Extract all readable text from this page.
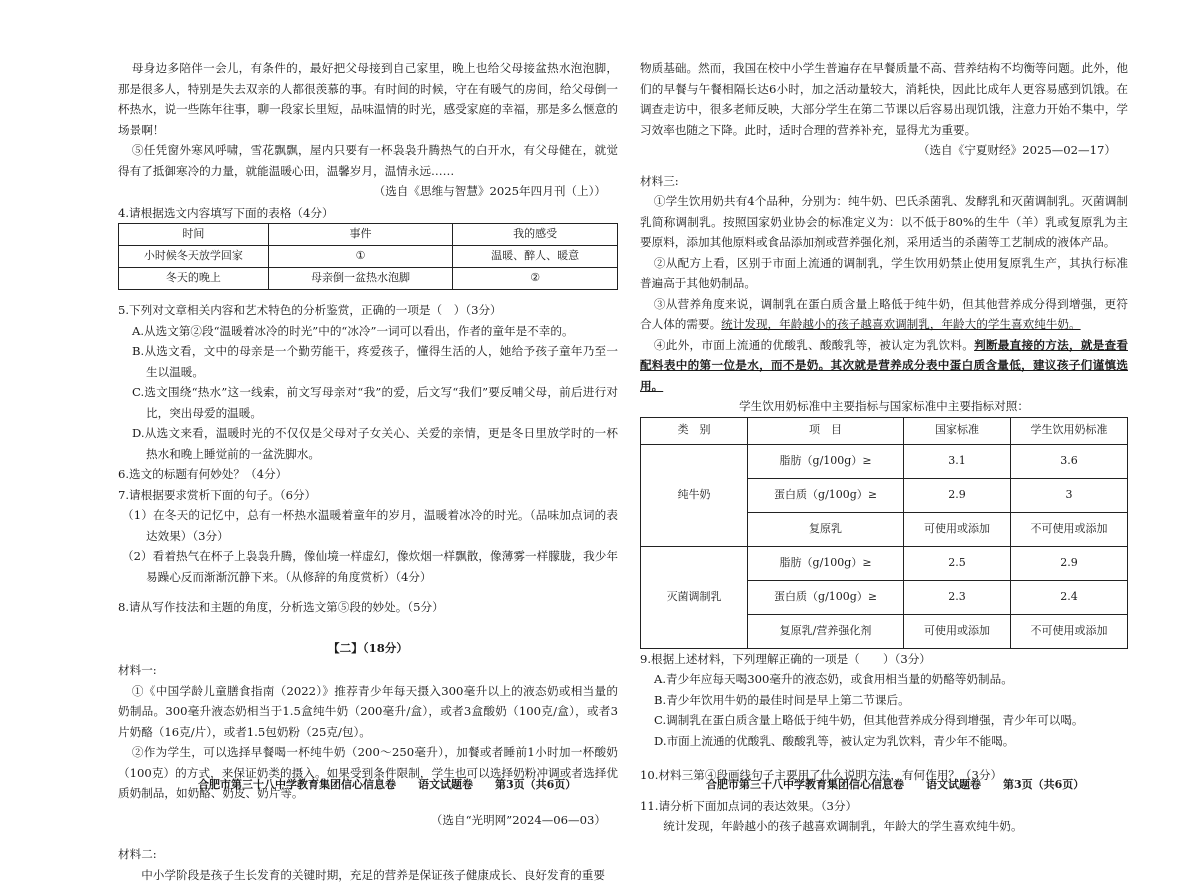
母身边多陪伴一会儿，有条件的，最好把父母接到自己家里，晚上也给父母接盆热水泡泡脚，那是很多人，特别是失去双亲的人都很羡慕的事。有时间的时候，守在有暖气的房间，给父母倒一杯热水，说一些陈年往事，聊一段家长里短，品味温情的时光，感受家庭的幸福，那是多么惬意的场景啊！

⑤任凭窗外寒风呼啸，雪花飘飘，屋内只要有一杯袅袅升腾热气的白开水，有父母健在，就觉得有了抵御寒冷的力量，就能温暖心田，温馨岁月，温情永远……

（选自《思维与智慧》2025年四月刊（上））

4.请根据选文内容填写下面的表格（4分）

时间	事件	我的感受
小时候冬天放学回家	①	温暖、醉人、暖意
冬天的晚上	母亲倒一盆热水泡脚	②

5.下列对文章相关内容和艺术特色的分析鉴赏，正确的一项是（　）（3分）

A.从选文第②段“温暖着冰冷的时光”中的“冰冷”一词可以看出，作者的童年是不幸的。

B.从选文看，文中的母亲是一个勤劳能干，疼爱孩子，懂得生活的人，她给予孩子童年乃至一生以温暖。

C.选文围绕“热水”这一线索，前文写母亲对“我”的爱，后文写“我们”要反哺父母，前后进行对比，突出母爱的温暖。

D.从选文来看，温暖时光的不仅仅是父母对子女关心、关爱的亲情，更是冬日里放学时的一杯热水和晚上睡觉前的一盆洗脚水。

6.选文的标题有何妙处？（4分）

7.请根据要求赏析下面的句子。（6分）

（1）在冬天的记忆中，总有一杯热水温暖着童年的岁月，温暖着冰冷的时光。（品味加点词的表达效果）（3分）

（2）看着热气在杯子上袅袅升腾，像仙境一样虚幻，像炊烟一样飘散，像薄雾一样朦胧，我少年易躁心反而渐渐沉静下来。（从修辞的角度赏析）（4分）

8.请从写作技法和主题的角度，分析选文第⑤段的妙处。（5分）

【二】（18分）

材料一:

①《中国学龄儿童膳食指南（2022）》推荐青少年每天摄入300毫升以上的液态奶或相当量的奶制品。300毫升液态奶相当于1.5盒纯牛奶（200毫升/盒），或者3盒酸奶（100克/盒），或者3片奶酪（16克/片），或者1.5包奶粉（25克/包）。

②作为学生，可以选择早餐喝一杯纯牛奶（200～250毫升），加餐或者睡前1小时加一杯酸奶（100克）的方式，来保证奶类的摄入。如果受到条件限制，学生也可以选择奶粉冲调或者选择优质奶制品，如奶酪、奶皮、奶片等。

（选自“光明网”2024—06—03）

材料二:

中小学阶段是孩子生长发育的关键时期，充足的营养是保证孩子健康成长、良好发育的重要

物质基础。然而，我国在校中小学生普遍存在早餐质量不高、营养结构不均衡等问题。此外，他们的早餐与午餐相隔长达6小时，加之活动量较大，消耗快，因此比成年人更容易感到饥饿。在调查走访中，很多老师反映，大部分学生在第二节课以后容易出现饥饿，注意力开始不集中，学习效率也随之下降。此时，适时合理的营养补充，显得尤为重要。

（选自《宁夏财经》2025—02—17）

材料三:

①学生饮用奶共有4个品种，分别为：纯牛奶、巴氏杀菌乳、发酵乳和灭菌调制乳。灭菌调制乳简称调制乳。按照国家奶业协会的标准定义为：以不低于80%的生牛（羊）乳或复原乳为主要原料，添加其他原料或食品添加剂或营养强化剂，采用适当的杀菌等工艺制成的液体产品。

②从配方上看，区别于市面上流通的调制乳，学生饮用奶禁止使用复原乳生产，其执行标准普遍高于其他奶制品。

③从营养角度来说，调制乳在蛋白质含量上略低于纯牛奶，但其他营养成分得到增强，更符合人体的需要。统计发现，年龄越小的孩子越喜欢调制乳，年龄大的学生喜欢纯牛奶。

④此外，市面上流通的优酸乳、酸酸乳等，被认定为乳饮料。判断最直接的方法，就是查看配料表中的第一位是水，而不是奶。其次就是营养成分表中蛋白质含量低，建议孩子们谨慎选用。

学生饮用奶标准中主要指标与国家标准中主要指标对照：

类　别	项　目	国家标准	学生饮用奶标准
纯牛奶	脂肪（g/100g）≥	3.1	3.6
	蛋白质（g/100g）≥	2.9	3
	复原乳	可使用或添加	不可使用或添加
灭菌调制乳	脂肪（g/100g）≥	2.5	2.9
	蛋白质（g/100g）≥	2.3	2.4
	复原乳/营养强化剂	可使用或添加	不可使用或添加

9.根据上述材料，下列理解正确的一项是（　　）（3分）

A.青少年应每天喝300毫升的液态奶，或食用相当量的奶酪等奶制品。

B.青少年饮用牛奶的最佳时间是早上第二节课后。

C.调制乳在蛋白质含量上略低于纯牛奶，但其他营养成分得到增强，青少年可以喝。

D.市面上流通的优酸乳、酸酸乳等，被认定为乳饮料，青少年不能喝。

10.材料三第④段画线句子主要用了什么说明方法，有何作用？（3分）

11.请分析下面加点词的表达效果。（3分）

统计发现，年龄越小的孩子越喜欢调制乳，年龄大的学生喜欢纯牛奶。

合肥市第三十八中学教育集团信心信息卷　　语文试题卷　　第3页（共6页）	合肥市第三十八中学教育集团信心信息卷　　语文试题卷　　第3页（共6页）
